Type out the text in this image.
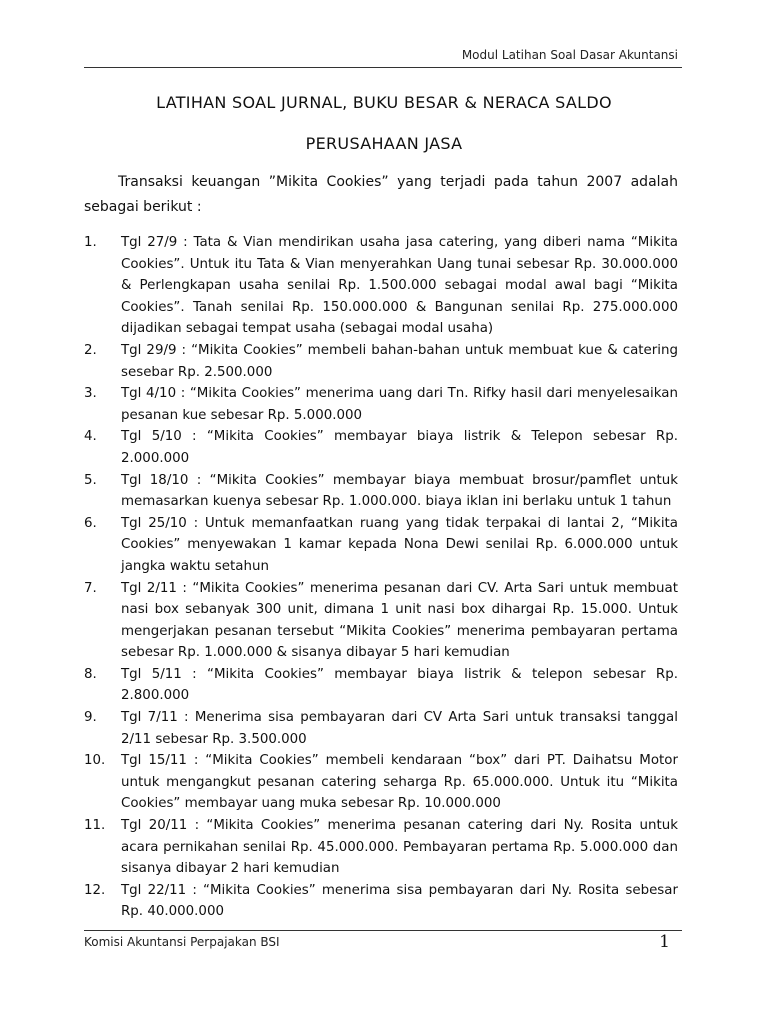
Modul Latihan Soal Dasar Akuntansi
LATIHAN SOAL JURNAL, BUKU BESAR & NERACA SALDO
PERUSAHAAN JASA
Transaksi keuangan ”Mikita Cookies” yang terjadi pada tahun 2007 adalah sebagai berikut :
1. Tgl 27/9 : Tata & Vian mendirikan usaha jasa catering, yang diberi nama “Mikita Cookies”. Untuk itu Tata & Vian menyerahkan Uang tunai sebesar Rp. 30.000.000 & Perlengkapan usaha senilai Rp. 1.500.000 sebagai modal awal bagi “Mikita Cookies”. Tanah senilai Rp. 150.000.000 & Bangunan senilai Rp. 275.000.000 dijadikan sebagai tempat usaha (sebagai modal usaha)
2. Tgl 29/9 : “Mikita Cookies” membeli bahan-bahan untuk membuat kue & catering sesebar Rp. 2.500.000
3. Tgl 4/10 : “Mikita Cookies” menerima uang dari Tn. Rifky hasil dari menyelesaikan pesanan kue sebesar Rp. 5.000.000
4. Tgl 5/10 : “Mikita Cookies” membayar biaya listrik & Telepon sebesar Rp. 2.000.000
5. Tgl 18/10 : “Mikita Cookies” membayar biaya membuat brosur/pamflet untuk memasarkan kuenya sebesar Rp. 1.000.000. biaya iklan ini berlaku untuk 1 tahun
6. Tgl 25/10 : Untuk memanfaatkan ruang yang tidak terpakai di lantai 2, “Mikita Cookies” menyewakan 1 kamar kepada Nona Dewi senilai Rp. 6.000.000 untuk jangka waktu setahun
7. Tgl 2/11 : “Mikita Cookies” menerima pesanan dari CV. Arta Sari untuk membuat nasi box sebanyak 300 unit, dimana 1 unit nasi box dihargai Rp. 15.000. Untuk mengerjakan pesanan tersebut “Mikita Cookies” menerima pembayaran pertama sebesar Rp. 1.000.000 & sisanya dibayar 5 hari kemudian
8. Tgl 5/11 : “Mikita Cookies” membayar biaya listrik & telepon sebesar Rp. 2.800.000
9. Tgl 7/11 : Menerima sisa pembayaran dari CV Arta Sari untuk transaksi tanggal 2/11 sebesar Rp. 3.500.000
10. Tgl 15/11 : “Mikita Cookies” membeli kendaraan “box” dari PT. Daihatsu Motor untuk mengangkut pesanan catering seharga Rp. 65.000.000. Untuk itu “Mikita Cookies” membayar uang muka sebesar Rp. 10.000.000
11. Tgl 20/11 : “Mikita Cookies” menerima pesanan catering dari Ny. Rosita untuk acara pernikahan senilai Rp. 45.000.000. Pembayaran pertama Rp. 5.000.000 dan sisanya dibayar 2 hari kemudian
12. Tgl 22/11 : “Mikita Cookies” menerima sisa pembayaran dari Ny. Rosita sebesar Rp. 40.000.000
Komisi Akuntansi Perpajakan BSI	1
